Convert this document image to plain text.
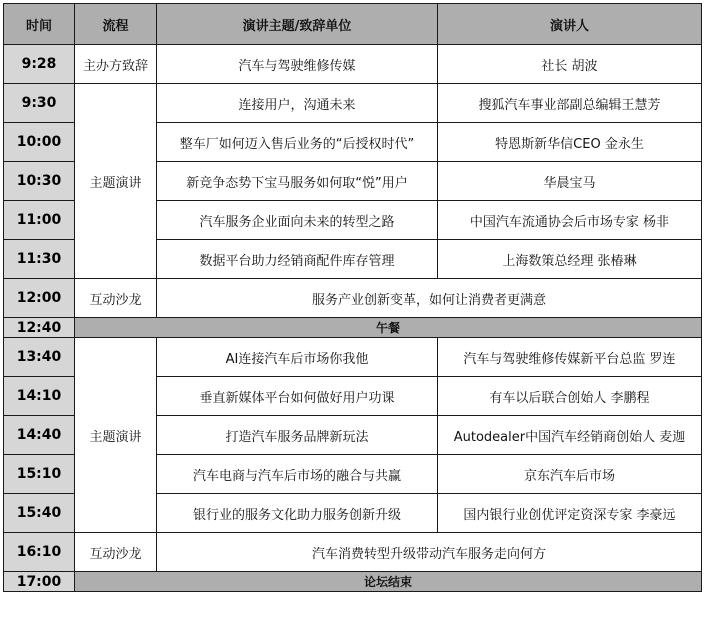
时间	流程	演讲主题/致辞单位	演讲人
9:28	主办方致辞	汽车与驾驶维修传媒	社长 胡波
9:30	主题演讲	连接用户，沟通未来	搜狐汽车事业部副总编辑王慧芳
10:00		整车厂如何迈入售后业务的“后授权时代”	特恩斯新华信CEO 金永生
10:30		新竞争态势下宝马服务如何取“悦”用户	华晨宝马
11:00		汽车服务企业面向未来的转型之路	中国汽车流通协会后市场专家 杨非
11:30		数据平台助力经销商配件库存管理	上海数策总经理 张椿琳
12:00	互动沙龙	服务产业创新变革，如何让消费者更满意	
12:40	午餐		
13:40	主题演讲	AI连接汽车后市场你我他	汽车与驾驶维修传媒新平台总监 罗连
14:10		垂直新媒体平台如何做好用户功课	有车以后联合创始人 李鹏程
14:40		打造汽车服务品牌新玩法	Autodealer中国汽车经销商创始人 麦迦
15:10		汽车电商与汽车后市场的融合与共赢	京东汽车后市场
15:40		银行业的服务文化助力服务创新升级	国内银行业创优评定资深专家 李豪远
16:10	互动沙龙	汽车消费转型升级带动汽车服务走向何方	
17:00	论坛结束		
